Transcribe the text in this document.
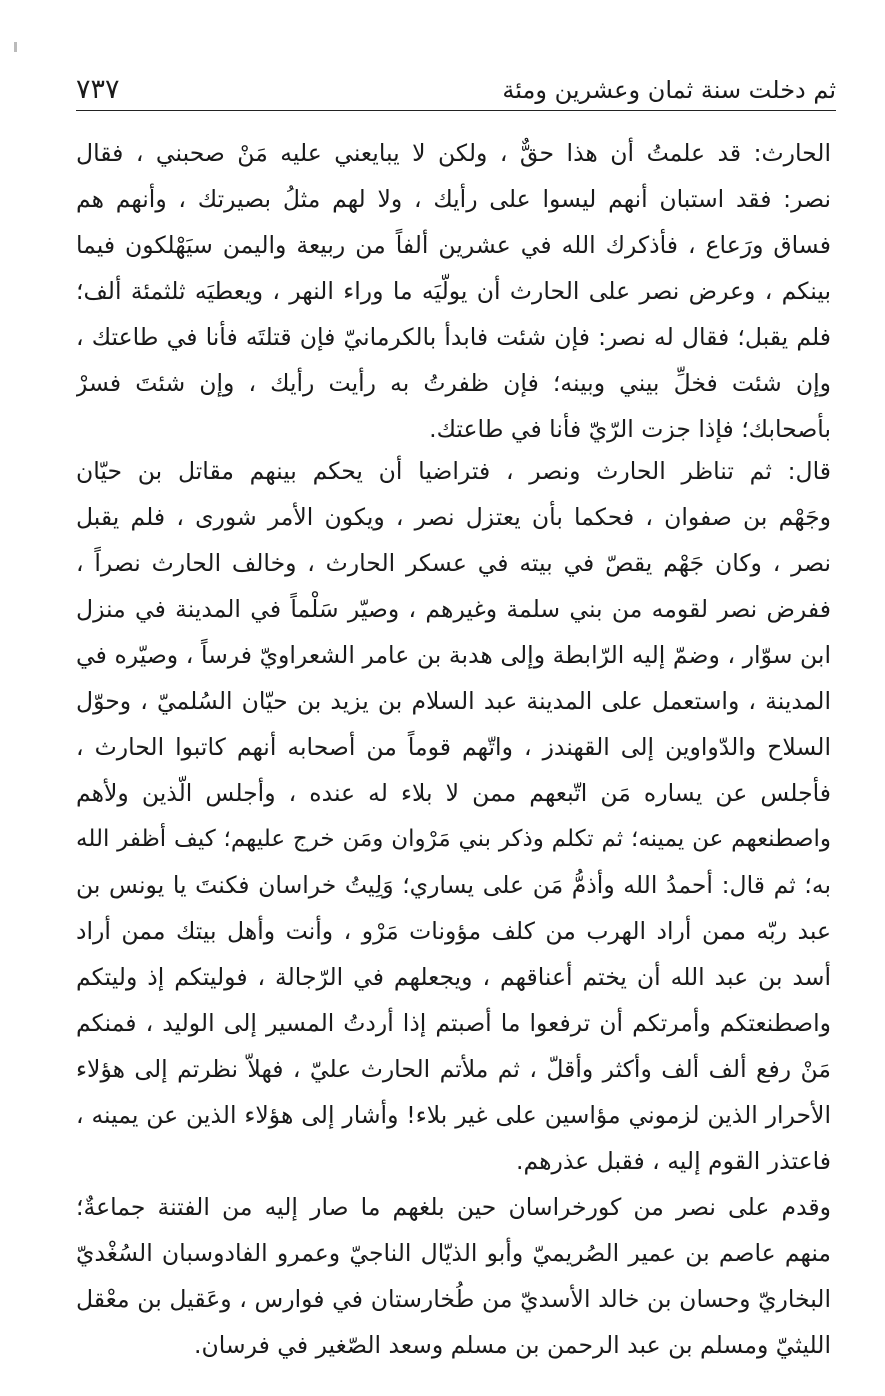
ثم دخلت سنة ثمان وعشرين ومئة
٧٣٧
الحارث: قد علمتُ أن هذا حقٌّ ، ولكن لا يبايعني عليه مَنْ صحبني ، فقال
نصر: فقد استبان أنهم ليسوا على رأيك ، ولا لهم مثلُ بصيرتك ، وأنهم هم
فساق ورَعاع ، فأذكرك الله في عشرين ألفاً من ربيعة واليمن سيَهْلكون فيما
بينكم ، وعرض نصر على الحارث أن يولّيَه ما وراء النهر ، ويعطيَه ثلثمئة ألف؛
فلم يقبل؛ فقال له نصر: فإن شئت فابدأ بالكرمانيّ فإن قتلتَه فأنا في طاعتك ،
وإن شئت فخلِّ بيني وبينه؛ فإن ظفرتُ به رأيت رأيك ، وإن شئتَ فسرْ
بأصحابك؛ فإذا جزت الرّيّ فأنا في طاعتك.
قال: ثم تناظر الحارث ونصر ، فتراضيا أن يحكم بينهم مقاتل بن حيّان
وجَهْم بن صفوان ، فحكما بأن يعتزل نصر ، ويكون الأمر شورى ، فلم يقبل
نصر ، وكان جَهْم يقصّ في بيته في عسكر الحارث ، وخالف الحارث نصراً ،
ففرض نصر لقومه من بني سلمة وغيرهم ، وصيّر سَلْماً في المدينة في منزل
ابن سوّار ، وضمّ إليه الرّابطة وإلى هدبة بن عامر الشعراويّ فرساً ، وصيّره في
المدينة ، واستعمل على المدينة عبد السلام بن يزيد بن حيّان السُلميّ ، وحوّل
السلاح والدّواوين إلى القهندز ، واتّهم قوماً من أصحابه أنهم كاتبوا الحارث ،
فأجلس عن يساره مَن اتّبعهم ممن لا بلاء له عنده ، وأجلس الّذين ولأهم
واصطنعهم عن يمينه؛ ثم تكلم وذكر بني مَرْوان ومَن خرج عليهم؛ كيف أظفر الله
به؛ ثم قال: أحمدُ الله وأذمُّ مَن على يساري؛ وَلِيتُ خراسان فكنتَ يا يونس بن
عبد ربّه ممن أراد الهرب من كلف مؤونات مَرْو ، وأنت وأهل بيتك ممن أراد
أسد بن عبد الله أن يختم أعناقهم ، ويجعلهم في الرّجالة ، فوليتكم إذ وليتكم
واصطنعتكم وأمرتكم أن ترفعوا ما أصبتم إذا أردتُ المسير إلى الوليد ، فمنكم
مَنْ رفع ألف ألف وأكثر وأقلّ ، ثم ملأتم الحارث عليّ ، فهلاّ نظرتم إلى هؤلاء
الأحرار الذين لزموني مؤاسين على غير بلاء! وأشار إلى هؤلاء الذين عن يمينه ،
فاعتذر القوم إليه ، فقبل عذرهم.
وقدم على نصر من كورخراسان حين بلغهم ما صار إليه من الفتنة جماعةٌ؛
منهم عاصم بن عمير الصُريميّ وأبو الذيّال الناجيّ وعمرو الفادوسبان السُغْديّ
البخاريّ وحسان بن خالد الأسديّ من طُخارستان في فوارس ، وعَقيل بن معْقل
الليثيّ ومسلم بن عبد الرحمن بن مسلم وسعد الصّغير في فرسان.
